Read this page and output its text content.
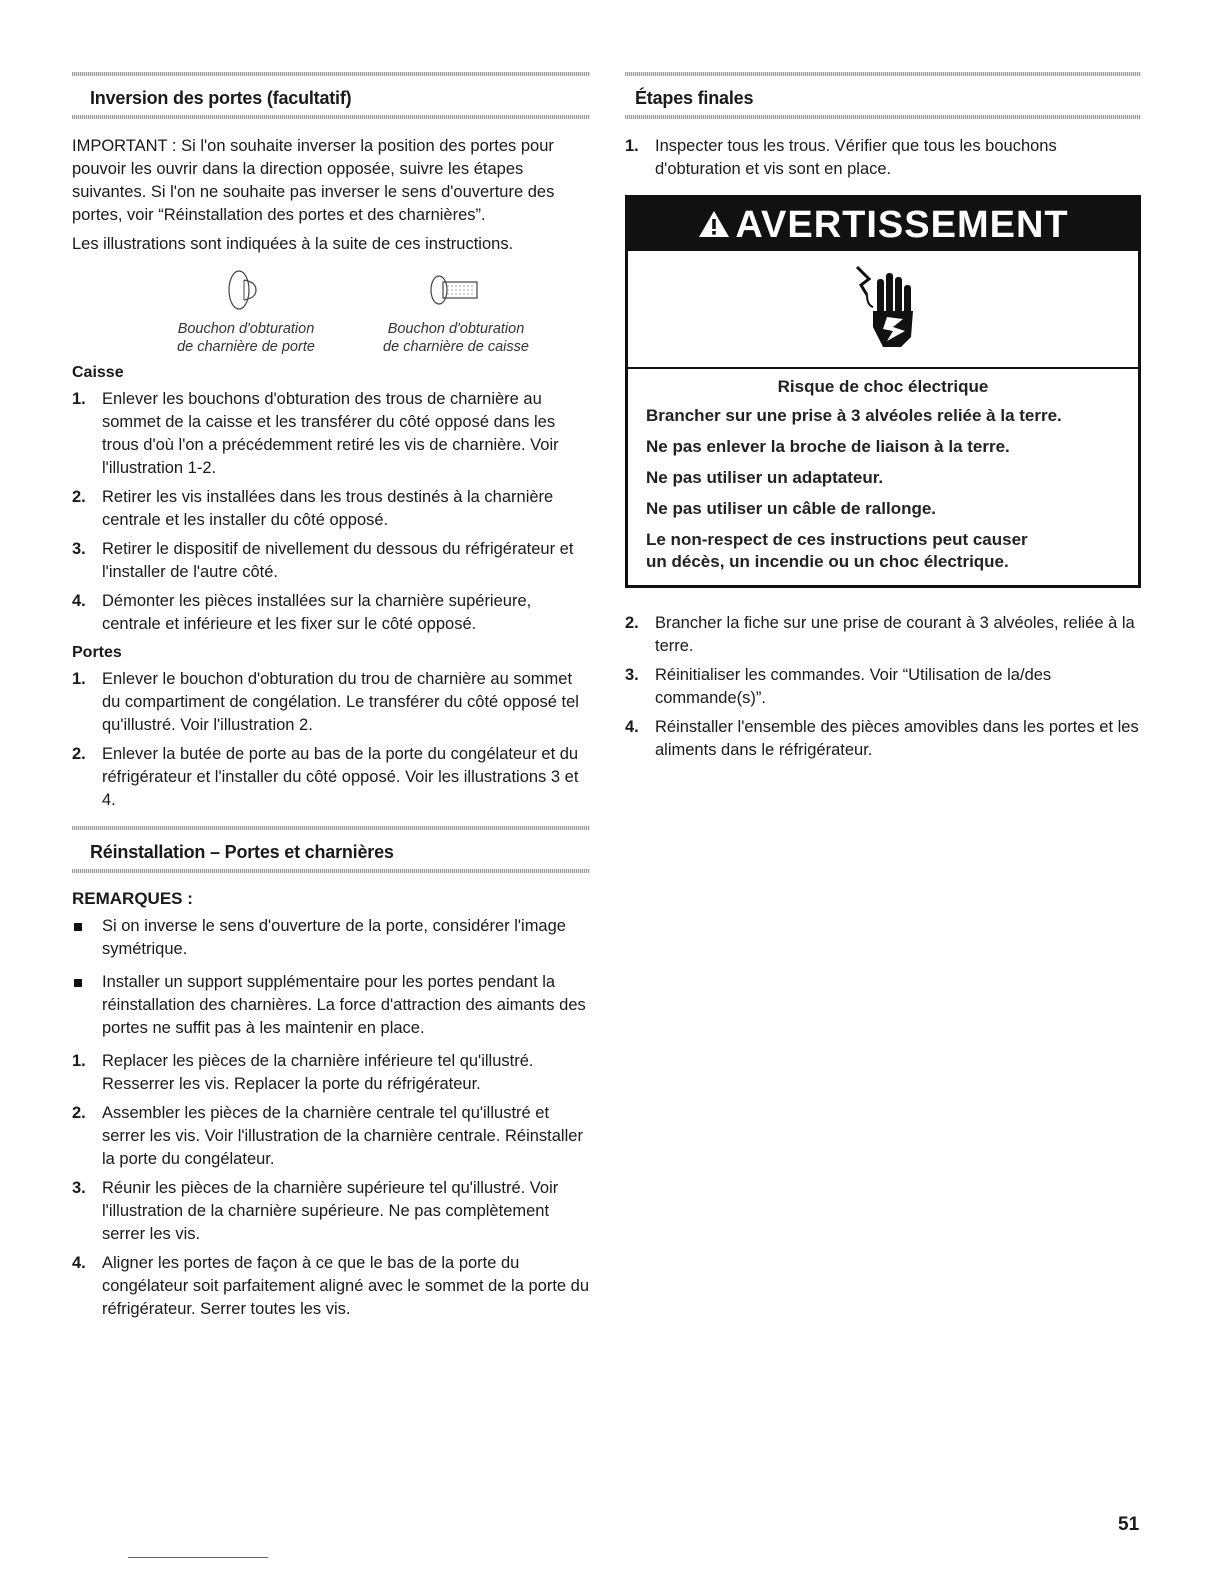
Inversion des portes (facultatif)

IMPORTANT : Si l'on souhaite inverser la position des portes pour pouvoir les ouvrir dans la direction opposée, suivre les étapes suivantes. Si l'on ne souhaite pas inverser le sens d'ouverture des portes, voir “Réinstallation des portes et des charnières”.

Les illustrations sont indiquées à la suite de ces instructions.

Bouchon d'obturation
de charnière de porte
Bouchon d'obturation
de charnière de caisse
Caisse
1. Enlever les bouchons d'obturation des trous de charnière au sommet de la caisse et les transférer du côté opposé dans les trous d'où l'on a précédemment retiré les vis de charnière. Voir l'illustration 1-2.
2. Retirer les vis installées dans les trous destinés à la charnière centrale et les installer du côté opposé.
3. Retirer le dispositif de nivellement du dessous du réfrigérateur et l'installer de l'autre côté.
4. Démonter les pièces installées sur la charnière supérieure, centrale et inférieure et les fixer sur le côté opposé.
Portes
1. Enlever le bouchon d'obturation du trou de charnière au sommet du compartiment de congélation. Le transférer du côté opposé tel qu'illustré. Voir l'illustration 2.
2. Enlever la butée de porte au bas de la porte du congélateur et du réfrigérateur et l'installer du côté opposé. Voir les illustrations 3 et 4.
Réinstallation – Portes et charnières
REMARQUES :
Si on inverse le sens d'ouverture de la porte, considérer l'image symétrique.
Installer un support supplémentaire pour les portes pendant la réinstallation des charnières. La force d'attraction des aimants des portes ne suffit pas à les maintenir en place.
1. Replacer les pièces de la charnière inférieure tel qu'illustré. Resserrer les vis. Replacer la porte du réfrigérateur.
2. Assembler les pièces de la charnière centrale tel qu'illustré et serrer les vis. Voir l'illustration de la charnière centrale. Réinstaller la porte du congélateur.
3. Réunir les pièces de la charnière supérieure tel qu'illustré. Voir l'illustration de la charnière supérieure. Ne pas complètement serrer les vis.
4. Aligner les portes de façon à ce que le bas de la porte du congélateur soit parfaitement aligné avec le sommet de la porte du réfrigérateur. Serrer toutes les vis.
Étapes finales
1. Inspecter tous les trous. Vérifier que tous les bouchons d'obturation et vis sont en place.
AVERTISSEMENT
Risque de choc électrique
Brancher sur une prise à 3 alvéoles reliée à la terre.
Ne pas enlever la broche de liaison à la terre.
Ne pas utiliser un adaptateur.
Ne pas utiliser un câble de rallonge.
Le non-respect de ces instructions peut causer
un décès, un incendie ou un choc électrique.
2. Brancher la fiche sur une prise de courant à 3 alvéoles, reliée à la terre.
3. Réinitialiser les commandes. Voir “Utilisation de la/des commande(s)”.
4. Réinstaller l'ensemble des pièces amovibles dans les portes et les aliments dans le réfrigérateur.
51
